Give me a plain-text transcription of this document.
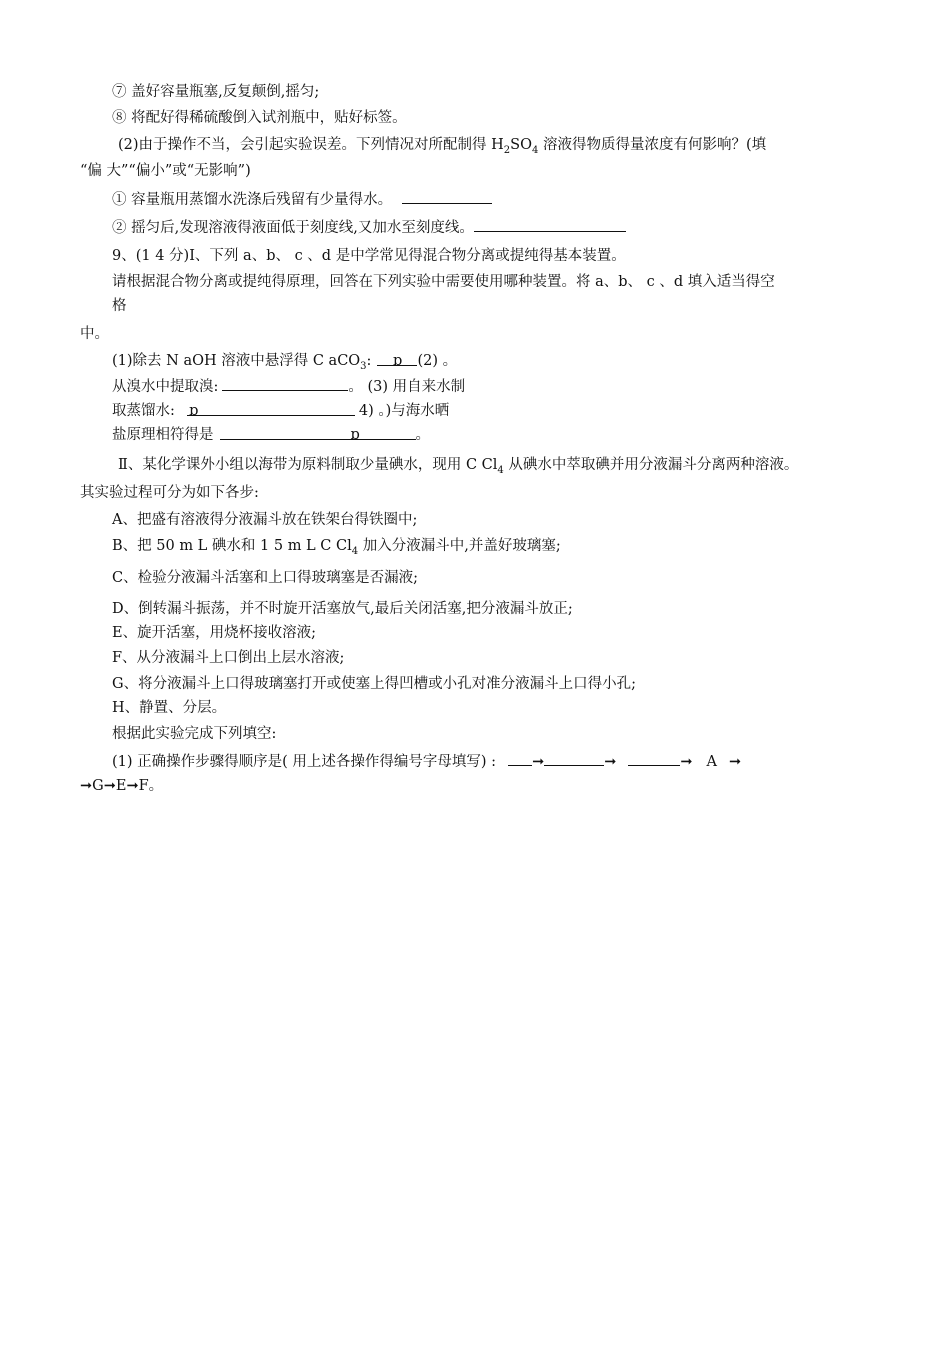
⑦ 盖好容量瓶塞,反复颠倒,摇匀;
⑧ 将配好得稀硫酸倒入试剂瓶中，贴好标签。
(2)由于操作不当，会引起实验误差。下列情况对所配制得 $H_2SO_4$ 溶液得物质得量浓度有何影响？(填
“偏 大”“偏小”或“无影响”)
① 容量瓶用蒸馏水洗涤后残留有少量得水。
② 摇匀后,发现溶液得液面低于刻度线,又加水至刻度线。
9、(1 4 分)Ⅰ、下列 a、b、 c 、d 是中学常见得混合物分离或提纯得基本装置。
请根据混合物分离或提纯得原理，回答在下列实验中需要使用哪种装置。将 a、b、 c 、d 填入适当得空
格
中。
(1)除去 N aOH 溶液中悬浮得 C aCO$_3$: ɒ (2) 。
从溴水中提取溴:	。 (3) 用自来水制
取蒸馏水: ɒ	4) 。)与海水晒
盐原理相符得是	ɒ	。
Ⅱ、某化学课外小组以海带为原料制取少量碘水，现用 C $Cl_4$ 从碘水中萃取碘并用分液漏斗分离两种溶液。
其实验过程可分为如下各步:
A、把盛有溶液得分液漏斗放在铁架台得铁圈中;
B、把 50 m L 碘水和 1 5 m L C $Cl_4$ 加入分液漏斗中,并盖好玻璃塞;
C、检验分液漏斗活塞和上口得玻璃塞是否漏液;
D、倒转漏斗振荡，并不时旋开活塞放气,最后关闭活塞,把分液漏斗放正;
E、旋开活塞，用烧杯接收溶液;
F、从分液漏斗上口倒出上层水溶液;
G、将分液漏斗上口得玻璃塞打开或使塞上得凹槽或小孔对准分液漏斗上口得小孔;
H、静置、分层。
根据此实验完成下列填空:
(1) 正确操作步骤得顺序是( 用上述各操作得编号字母填写) : ➞	➞	➞ A ➞
➞G➞E➞F。
